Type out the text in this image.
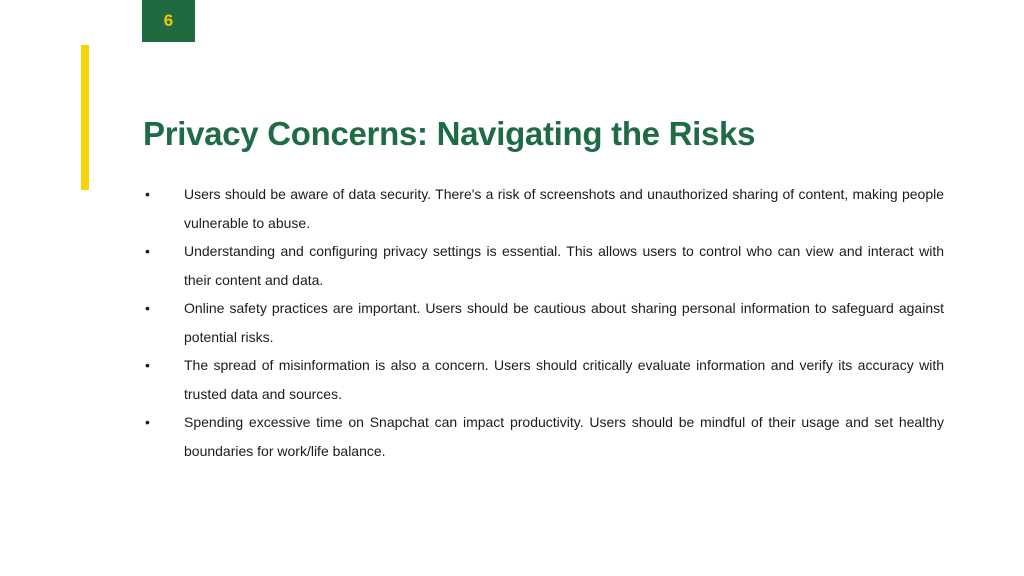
6
Privacy Concerns: Navigating the Risks
• Users should be aware of data security. There's a risk of screenshots and unauthorized sharing of content, making people vulnerable to abuse.
• Understanding and configuring privacy settings is essential. This allows users to control who can view and interact with their content and data.
• Online safety practices are important. Users should be cautious about sharing personal information to safeguard against potential risks.
• The spread of misinformation is also a concern. Users should critically evaluate information and verify its accuracy with trusted data and sources.
• Spending excessive time on Snapchat can impact productivity. Users should be mindful of their usage and set healthy boundaries for work/life balance.
